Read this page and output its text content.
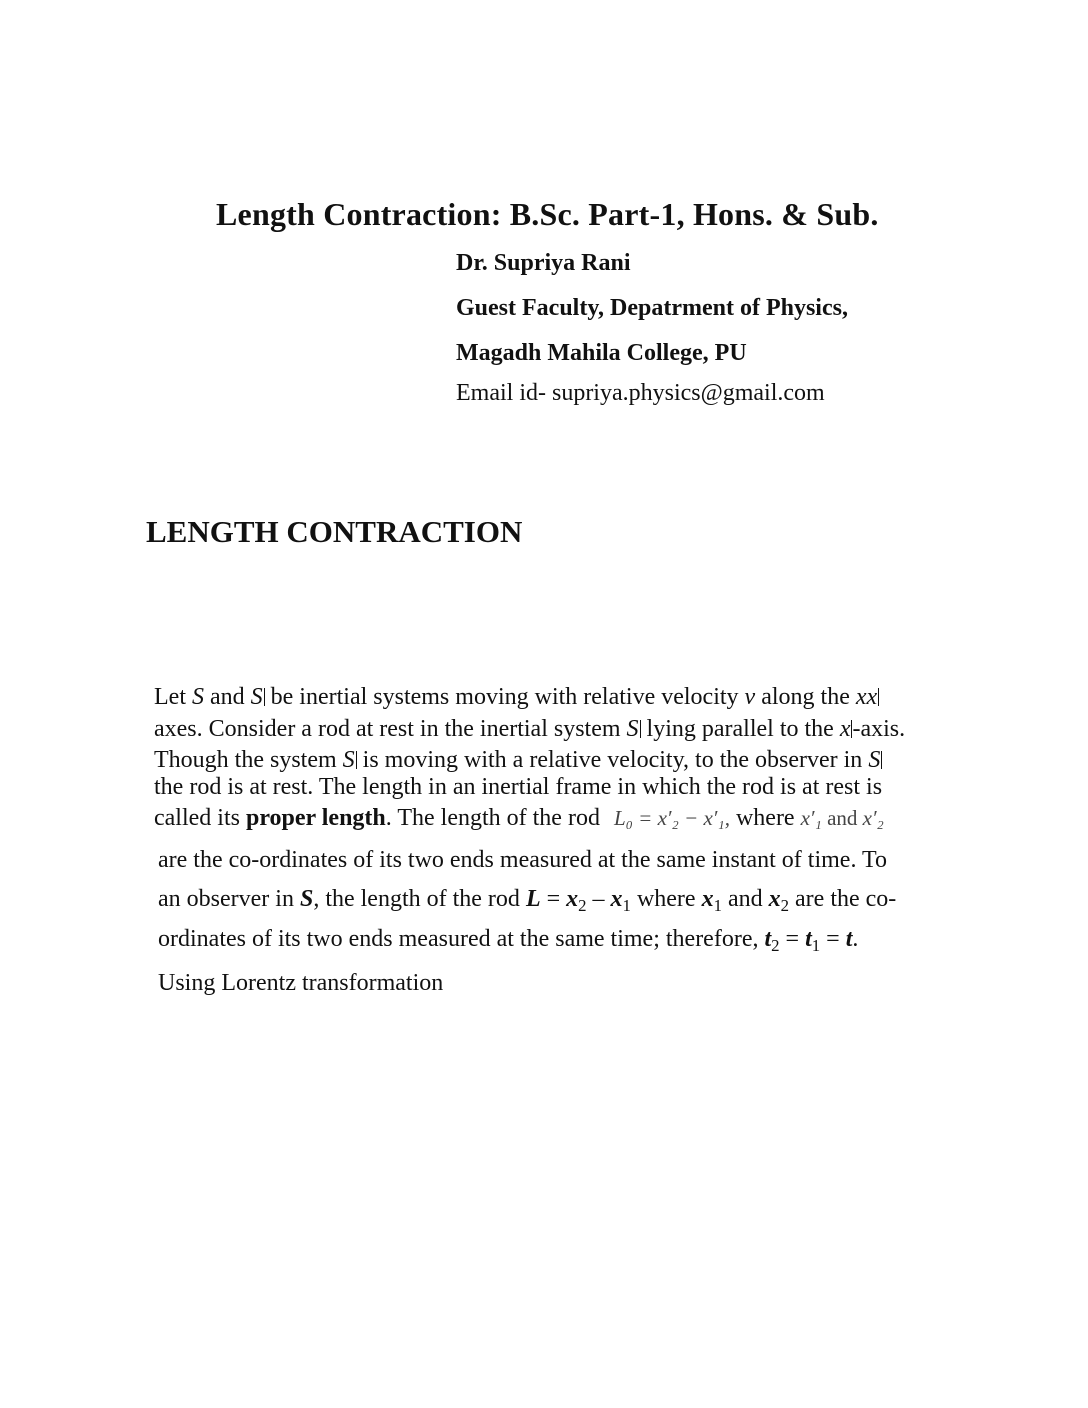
Length Contraction: B.Sc. Part-1, Hons. & Sub.
Dr. Supriya Rani
Guest Faculty, Depatrment of Physics,
Magadh Mahila College, PU
Email id- supriya.physics@gmail.com
LENGTH CONTRACTION
Let S and S be inertial systems moving with relative velocity v along the xx
axes. Consider a rod at rest in the inertial system S lying parallel to the x-axis.
Though the system S is moving with a relative velocity, to the observer in S
the rod is at rest. The length in an inertial frame in which the rod is at rest is
called its proper length. The length of the rod L₀ = x′₂ − x′₁, where x′₁ and x′₂
are the co-ordinates of its two ends measured at the same instant of time. To
an observer in S, the length of the rod $L = x_2 - x_1$ where $x_1$ and $x_2$ are the co-
ordinates of its two ends measured at the same time; therefore, $t_2 = t_1 = t$.
Using Lorentz transformation
